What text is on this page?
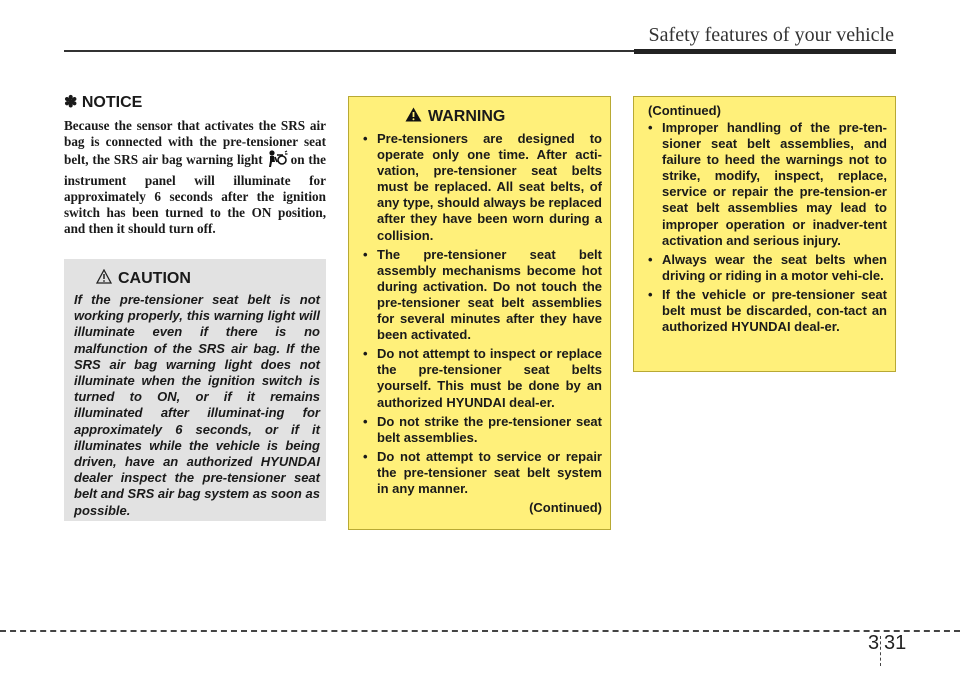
Safety features of your vehicle
✽ NOTICE

Because the sensor that activates the SRS air bag is connected with the pre-tensioner seat belt, the SRS air bag warning light on the instrument panel will illuminate for approximately 6 seconds after the ignition switch has been turned to the ON position, and then it should turn off.

CAUTION

If the pre-tensioner seat belt is not working properly, this warning light will illuminate even if there is no malfunction of the SRS air bag. If the SRS air bag warning light does not illuminate when the ignition switch is turned to ON, or if it remains illuminated after illuminat-ing for approximately 6 seconds, or if it illuminates while the vehicle is being driven, have an authorized HYUNDAI dealer inspect the pre-tensioner seat belt and SRS air bag system as soon as possible.

WARNING
• Pre-tensioners are designed to operate only one time. After acti-vation, pre-tensioner seat belts must be replaced. All seat belts, of any type, should always be replaced after they have been worn during a collision.
• The pre-tensioner seat belt assembly mechanisms become hot during activation. Do not touch the pre-tensioner seat belt assemblies for several minutes after they have been activated.
• Do not attempt to inspect or replace the pre-tensioner seat belts yourself. This must be done by an authorized HYUNDAI deal-er.
• Do not strike the pre-tensioner seat belt assemblies.
• Do not attempt to service or repair the pre-tensioner seat belt system in any manner.

(Continued)

(Continued)

• Improper handling of the pre-ten-sioner seat belt assemblies, and failure to heed the warnings not to strike, modify, inspect, replace, service or repair the pre-tension-er seat belt assemblies may lead to improper operation or inadver-tent activation and serious injury.
• Always wear the seat belts when driving or riding in a motor vehi-cle.
• If the vehicle or pre-tensioner seat belt must be discarded, con-tact an authorized HYUNDAI deal-er.
3 31
